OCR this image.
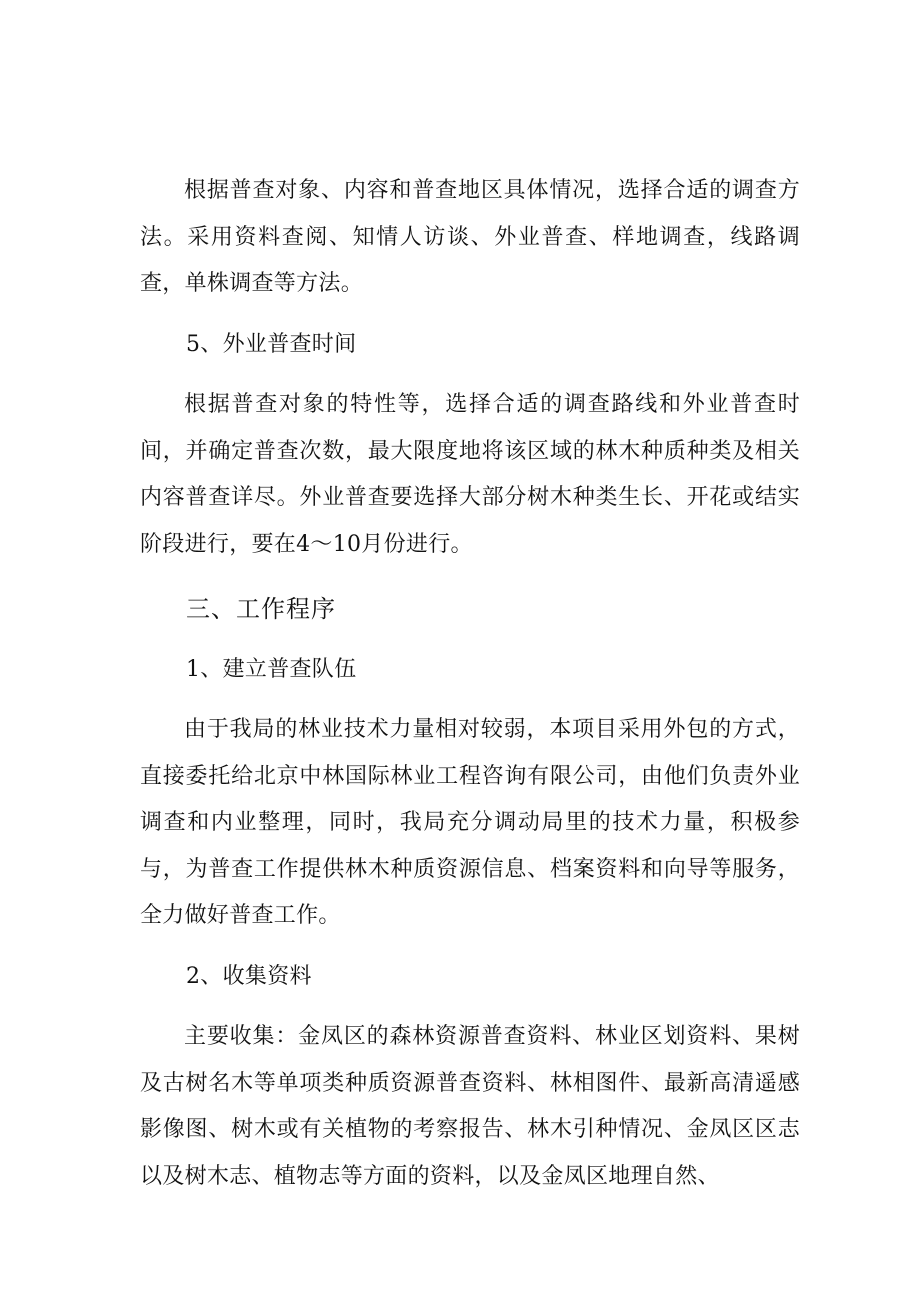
根据普查对象、内容和普查地区具体情况，选择合适的调查方法。采用资料查阅、知情人访谈、外业普查、样地调查，线路调查，单株调查等方法。

5、外业普查时间

根据普查对象的特性等，选择合适的调查路线和外业普查时间，并确定普查次数，最大限度地将该区域的林木种质种类及相关内容普查详尽。外业普查要选择大部分树木种类生长、开花或结实阶段进行，要在4～10月份进行。

三、工作程序

1、建立普查队伍

由于我局的林业技术力量相对较弱，本项目采用外包的方式，直接委托给北京中林国际林业工程咨询有限公司，由他们负责外业调查和内业整理，同时，我局充分调动局里的技术力量，积极参与，为普查工作提供林木种质资源信息、档案资料和向导等服务，全力做好普查工作。

2、收集资料

主要收集：金凤区的森林资源普查资料、林业区划资料、果树及古树名木等单项类种质资源普查资料、林相图件、最新高清遥感影像图、树木或有关植物的考察报告、林木引种情况、金凤区区志以及树木志、植物志等方面的资料，以及金凤区地理自然、
